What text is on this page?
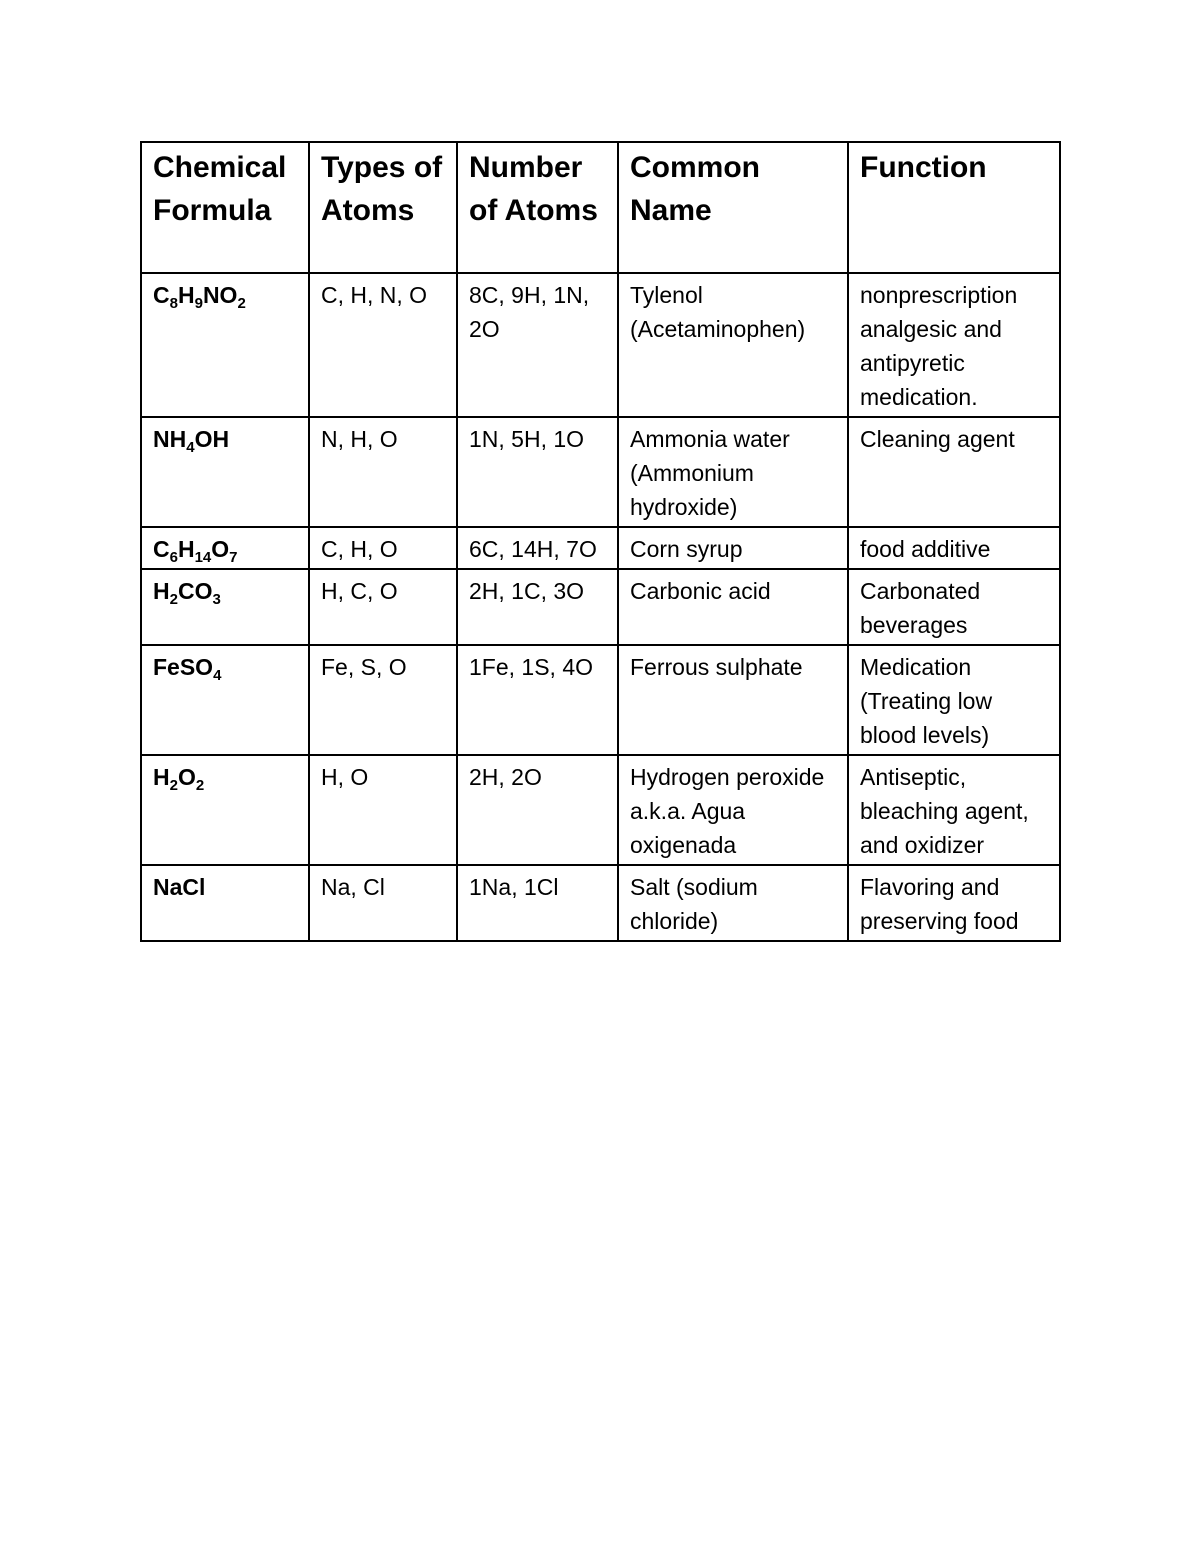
Chemical Formula	Types of Atoms	Number of Atoms	Common Name	Function
$C_8H_9NO_2$	C, H, N, O	8C, 9H, 1N, 2O	Tylenol (Acetaminophen)	nonprescription analgesic and antipyretic medication.
$NH_4OH$	N, H, O	1N, 5H, 1O	Ammonia water (Ammonium hydroxide)	Cleaning agent
$C_6H_{14}O_7$	C, H, O	6C, 14H, 7O	Corn syrup	food additive
$H_2CO_3$	H, C, O	2H, 1C, 3O	Carbonic acid	Carbonated beverages
FeSO$_4$	Fe, S, O	1Fe, 1S, 4O	Ferrous sulphate	Medication (Treating low blood levels)
$H_2O_2$	H, O	2H, 2O	Hydrogen peroxide a.k.a. Agua oxigenada	Antiseptic, bleaching agent, and oxidizer
NaCl	Na, Cl	1Na, 1Cl	Salt (sodium chloride)	Flavoring and preserving food
